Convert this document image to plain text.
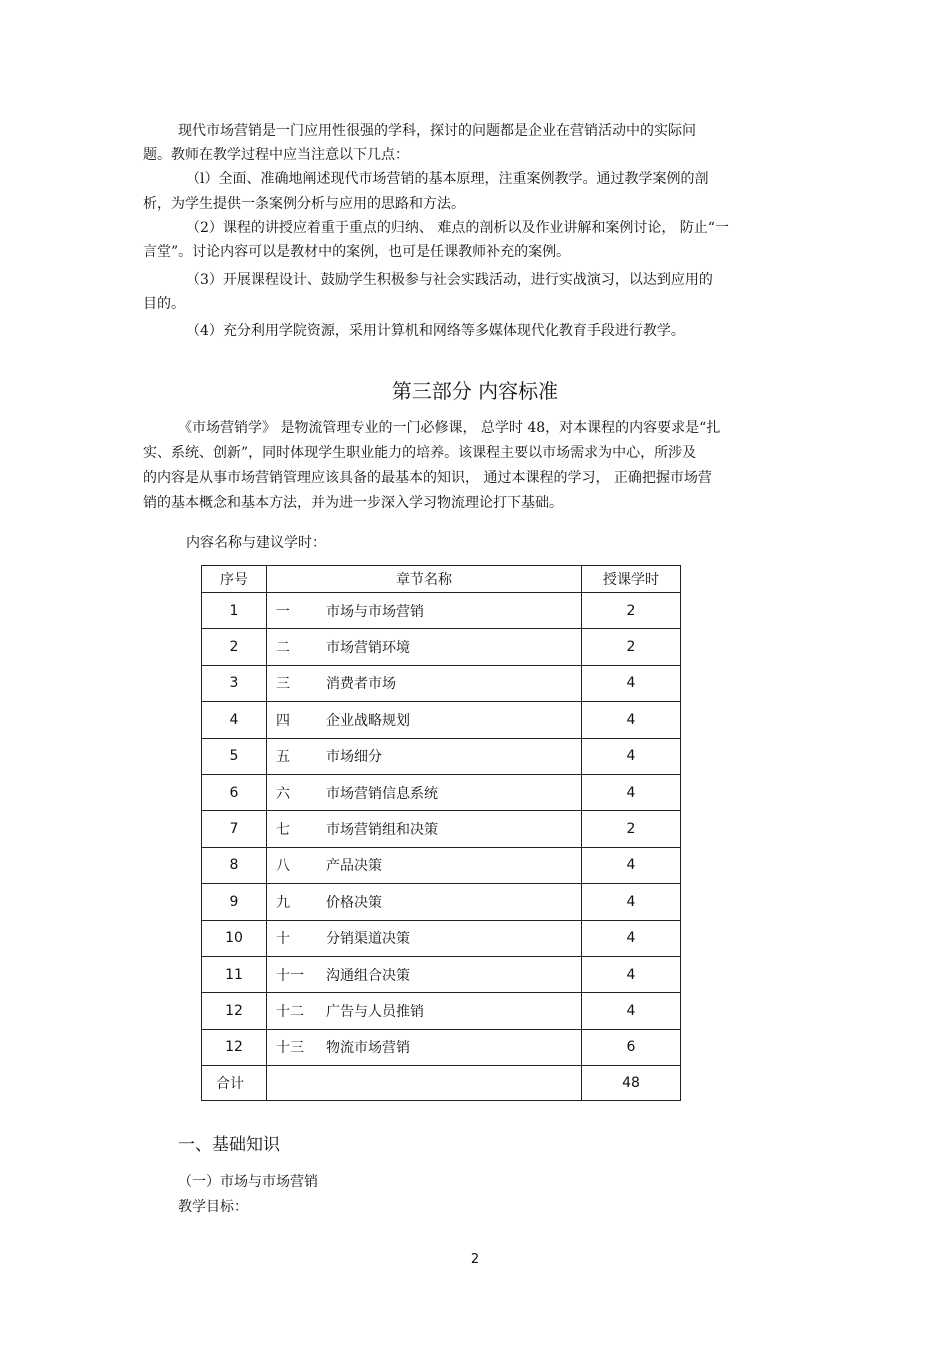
现代市场营销是一门应用性很强的学科，探讨的问题都是企业在营销活动中的实际问
题。教师在教学过程中应当注意以下几点：
（l）全面、准确地阐述现代市场营销的基本原理，注重案例教学。通过教学案例的剖
析，为学生提供一条案例分析与应用的思路和方法。
（2）课程的讲授应着重于重点的归纳、 难点的剖析以及作业讲解和案例讨论， 防止“一
言堂”。讨论内容可以是教材中的案例，也可是任课教师补充的案例。
（3）开展课程设计、鼓励学生积极参与社会实践活动，进行实战演习，以达到应用的
目的。
（4）充分利用学院资源，采用计算机和网络等多媒体现代化教育手段进行教学。
第三部分 内容标准
《市场营销学》 是物流管理专业的一门必修课， 总学时 48，对本课程的内容要求是“扎
实、系统、创新”，同时体现学生职业能力的培养。该课程主要以市场需求为中心，所涉及
的内容是从事市场营销管理应该具备的最基本的知识， 通过本课程的学习， 正确把握市场营
销的基本概念和基本方法，并为进一步深入学习物流理论打下基础。
内容名称与建议学时：
序号	章节名称	授课学时
1	一 市场与市场营销	2
2	二 市场营销环境	2
3	三 消费者市场	4
4	四 企业战略规划	4
5	五 市场细分	4
6	六 市场营销信息系统	4
7	七 市场营销组和决策	2
8	八 产品决策	4
9	九 价格决策	4
10	十 分销渠道决策	4
11	十一 沟通组合决策	4
12	十二 广告与人员推销	4
12	十三 物流市场营销	6
合计		48
一、基础知识
（一）市场与市场营销
教学目标：
2
